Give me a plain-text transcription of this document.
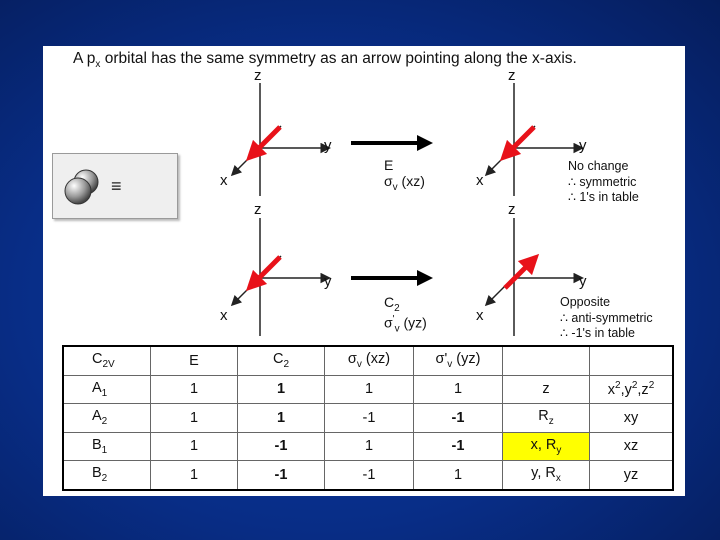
A $p_x$ orbital has the same symmetry as an arrow pointing along the x-axis.
z
y
x
z
y
x
z
y
x
z
y
x
≡
E
$\sigma_v$ (xz)
$C_2$
$\sigma'_v$ (yz)
No change
∴ symmetric
∴ 1's in table
Opposite
∴ anti-symmetric
∴ -1's in table
$C_{2V}$	E	$C_2$	$\sigma_v$ (xz)	$\sigma'_v$ (yz)		
$A_1$	1	1	1	1	z	$x^2,y^2,z^2$
$A_2$	1	1	-1	-1	$R_z$	xy
$B_1$	1	-1	1	-1	x, $R_y$	xz
$B_2$	1	-1	-1	1	y, $R_x$	yz
